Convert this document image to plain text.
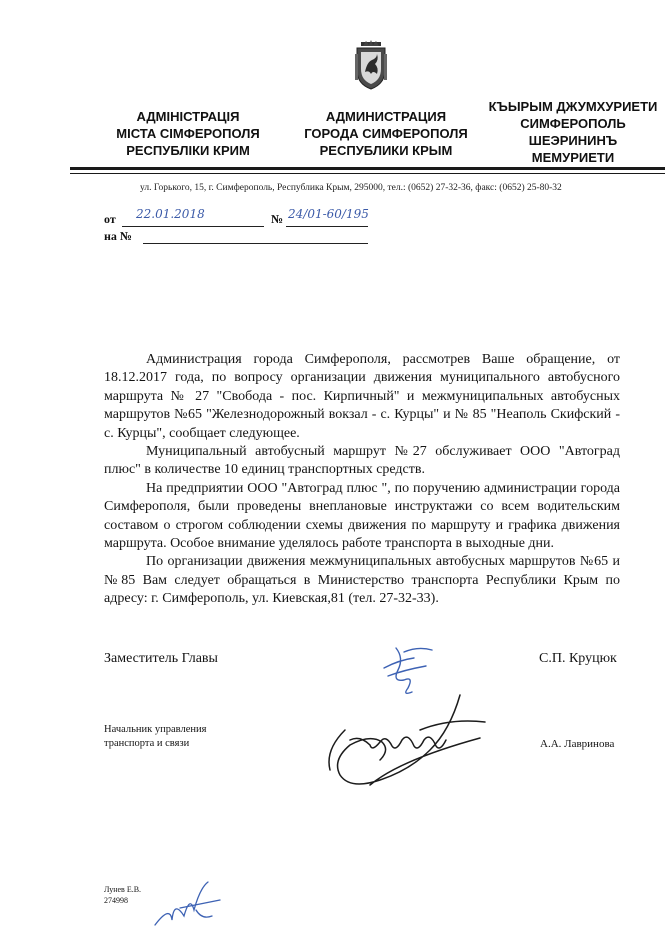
АДМІНІСТРАЦІЯ
МІСТА СІМФЕРОПОЛЯ
РЕСПУБЛІКИ КРИМ
АДМИНИСТРАЦИЯ
ГОРОДА СИМФЕРОПОЛЯ
РЕСПУБЛИКИ КРЫМ
КЪЫРЫМ ДЖУМХУРИЕТИ
СИМФЕРОПОЛЬ
ШЕЭРИНИНЪ
МЕМУРИЕТИ
ул. Горького, 15, г. Симферополь, Республика Крым, 295000, тел.: (0652) 27-32-36, факс: (0652) 25-80-32
от 22.01.2018	№ 24/01-60/195
на №

Администрация города Симферополя, рассмотрев Ваше обращение, от 18.12.2017 года, по вопросу организации движения муниципального автобусного маршрута № 27 "Свобода - пос. Кирпичный" и межмуниципальных автобусных маршрутов №65 "Железнодорожный вокзал - с. Курцы" и № 85 "Неаполь Скифский - с. Курцы", сообщает следующее.

Муниципальный автобусный маршрут №27 обслуживает ООО "Автоград плюс" в количестве 10 единиц транспортных средств.

На предприятии ООО "Автоград плюс ", по поручению администрации города Симферополя, были проведены внеплановые инструктажи со всем водительским составом о строгом соблюдении схемы движения по маршруту и графика движения маршрута. Особое внимание уделялось работе транспорта в выходные дни.

По организации движения межмуниципальных автобусных маршрутов №65 и №85 Вам следует обращаться в Министерство транспорта Республики Крым по адресу: г. Симферополь, ул. Киевская,81 (тел. 27-32-33).

Заместитель Главы	С.П. Круцюк
Начальник управления
транспорта и связи	А.А. Лавринова
Лунев Е.В.
274998
